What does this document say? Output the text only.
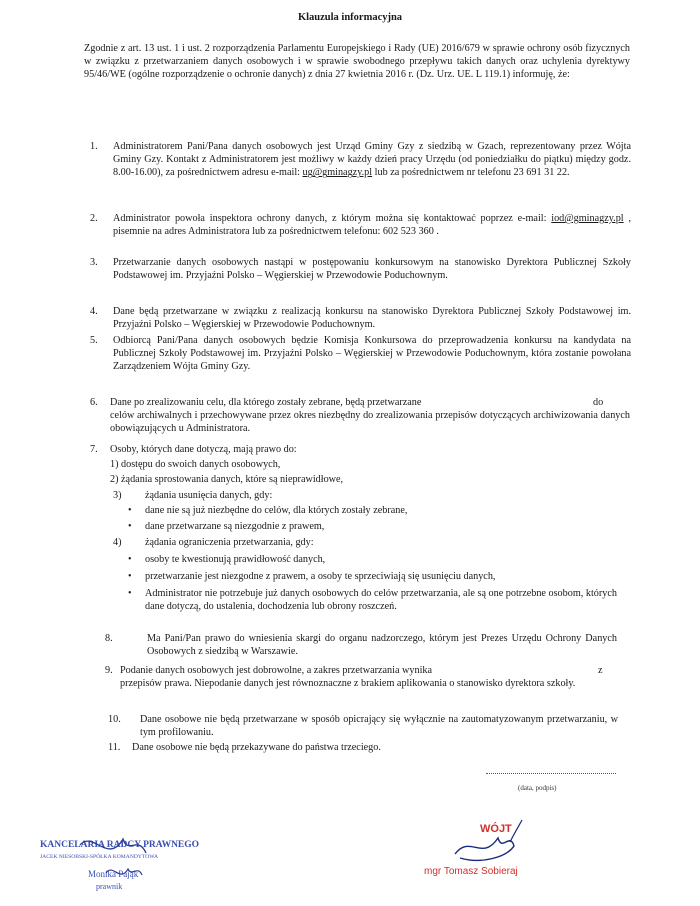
Klauzula informacyjna
Zgodnie z art. 13 ust. 1 i ust. 2 rozporządzenia Parlamentu Europejskiego i Rady (UE) 2016/679 w sprawie ochrony osób fizycznych w związku z przetwarzaniem danych osobowych i w sprawie swobodnego przepływu takich danych oraz uchylenia dyrektywy 95/46/WE (ogólne rozporządzenie o ochronie danych) z dnia 27 kwietnia 2016 r. (Dz. Urz. UE. L 119.1) informuję, że:
1. Administratorem Pani/Pana danych osobowych jest Urząd Gminy Gzy z siedzibą w Gzach, reprezentowany przez Wójta Gminy Gzy. Kontakt z Administratorem jest możliwy w każdy dzień pracy Urzędu (od poniedziałku do piątku) między godz. 8.00-16.00), za pośrednictwem adresu e-mail: ug@gminagzy.pl lub za pośrednictwem nr telefonu 23 691 31 22.
2. Administrator powoła inspektora ochrony danych, z którym można się kontaktować poprzez e-mail: iod@gminagzy.pl , pisemnie na adres Administratora lub za pośrednictwem telefonu: 602 523 360 .
3. Przetwarzanie danych osobowych nastąpi w postępowaniu konkursowym na stanowisko Dyrektora Publicznej Szkoły Podstawowej im. Przyjaźni Polsko – Węgierskiej w Przewodowie Poduchownym.
4. Dane będą przetwarzane w związku z realizacją konkursu na stanowisko Dyrektora Publicznej Szkoły Podstawowej im. Przyjaźni Polsko – Węgierskiej w Przewodowie Poduchownym.
5. Odbiorcą Pani/Pana danych osobowych będzie Komisja Konkursowa do przeprowadzenia konkursu na kandydata na Publicznej Szkoły Podstawowej im. Przyjaźni Polsko – Węgierskiej w Przewodowie Poduchownym, która zostanie powołana Zarządzeniem Wójta Gminy Gzy.
6. Dane po zrealizowaniu celu, dla którego zostały zebrane, będą przetwarzane	do
celów archiwalnych i przechowywane przez okres niezbędny do zrealizowania przepisów dotyczących archiwizowania danych obowiązujących u Administratora.
7. Osoby, których dane dotyczą, mają prawo do:
1) dostępu do swoich danych osobowych,
2) żądania sprostowania danych, które są nieprawidłowe,
3) żądania usunięcia danych, gdy:
• dane nie są już niezbędne do celów, dla których zostały zebrane,
• dane przetwarzane są niezgodnie z prawem,
4) żądania ograniczenia przetwarzania, gdy:
• osoby te kwestionują prawidłowość danych,
• przetwarzanie jest niezgodne z prawem, a osoby te sprzeciwiają się usunięciu danych,
• Administrator nie potrzebuje już danych osobowych do celów przetwarzania, ale są one potrzebne osobom, których dane dotyczą, do ustalenia, dochodzenia lub obrony roszczeń.
8.	Ma Pani/Pan prawo do wniesienia skargi do organu nadzorczego, którym jest Prezes Urzędu Ochrony Danych Osobowych z siedzibą w Warszawie.
9. Podanie danych osobowych jest dobrowolne, a zakres przetwarzania wynika	z
przepisów prawa. Niepodanie danych jest równoznaczne z brakiem aplikowania o stanowisko dyrektora szkoły.
10. Dane osobowe nie będą przetwarzane w sposób opicrający się wyłącznie na zautomatyzowanym przetwarzaniu, w tym profilowaniu.
11. Dane osobowe nie będą przekazywane do państwa trzeciego.
(data, podpis)
KANCELARIA RADCY PRAWNEGO
JACEK NIESOBSKI-SPÓŁKA KOMANDYTOWA
Monika Pająk
prawnik
WÓJT
mgr Tomasz Sobieraj
